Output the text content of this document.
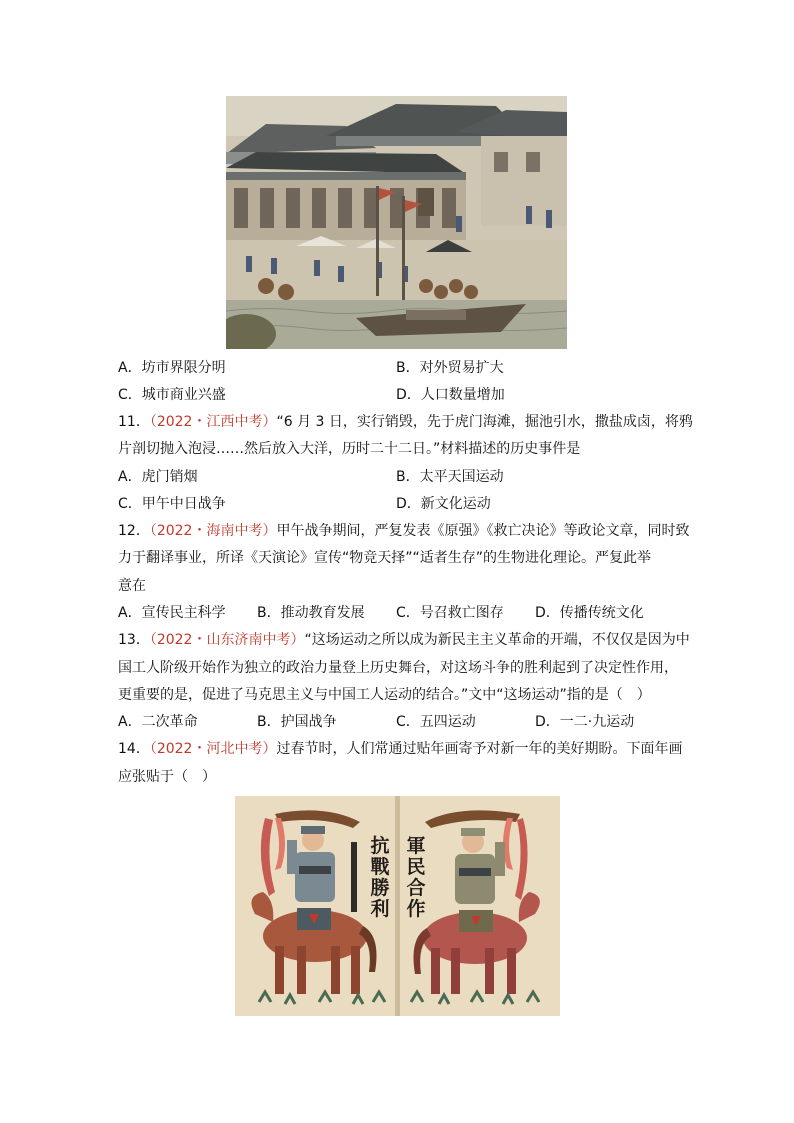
A．坊市界限分明	B．对外贸易扩大
C．城市商业兴盛	D．人口数量增加
11．（2022・江西中考）“6 月 3 日，实行销毁，先于虎门海滩，掘池引水，撒盐成卤，将鸦
片剖切抛入泡浸……然后放入大洋，历时二十二日。”材料描述的历史事件是
A．虎门销烟	B．太平天国运动
C．甲午中日战争	D．新文化运动
12．（2022・海南中考）甲午战争期间，严复发表《原强》《救亡决论》等政论文章，同时致
力于翻译事业，所译《天演论》宣传“物竞天择”“适者生存”的生物进化理论。严复此举
意在
A．宣传民主科学 B．推动教育发展 C．号召救亡图存 D．传播传统文化
13．（2022・山东济南中考）“这场运动之所以成为新民主主义革命的开端，不仅仅是因为中
国工人阶级开始作为独立的政治力量登上历史舞台，对这场斗争的胜利起到了决定性作用，
更重要的是，促进了马克思主义与中国工人运动的结合。”文中“这场运动”指的是（　）
A．二次革命	B．护国战争	C．五四运动	D．一二·九运动
14．（2022・河北中考）过春节时，人们常通过贴年画寄予对新一年的美好期盼。下面年画
应张贴于（　）
抗戰勝利
軍民合作
